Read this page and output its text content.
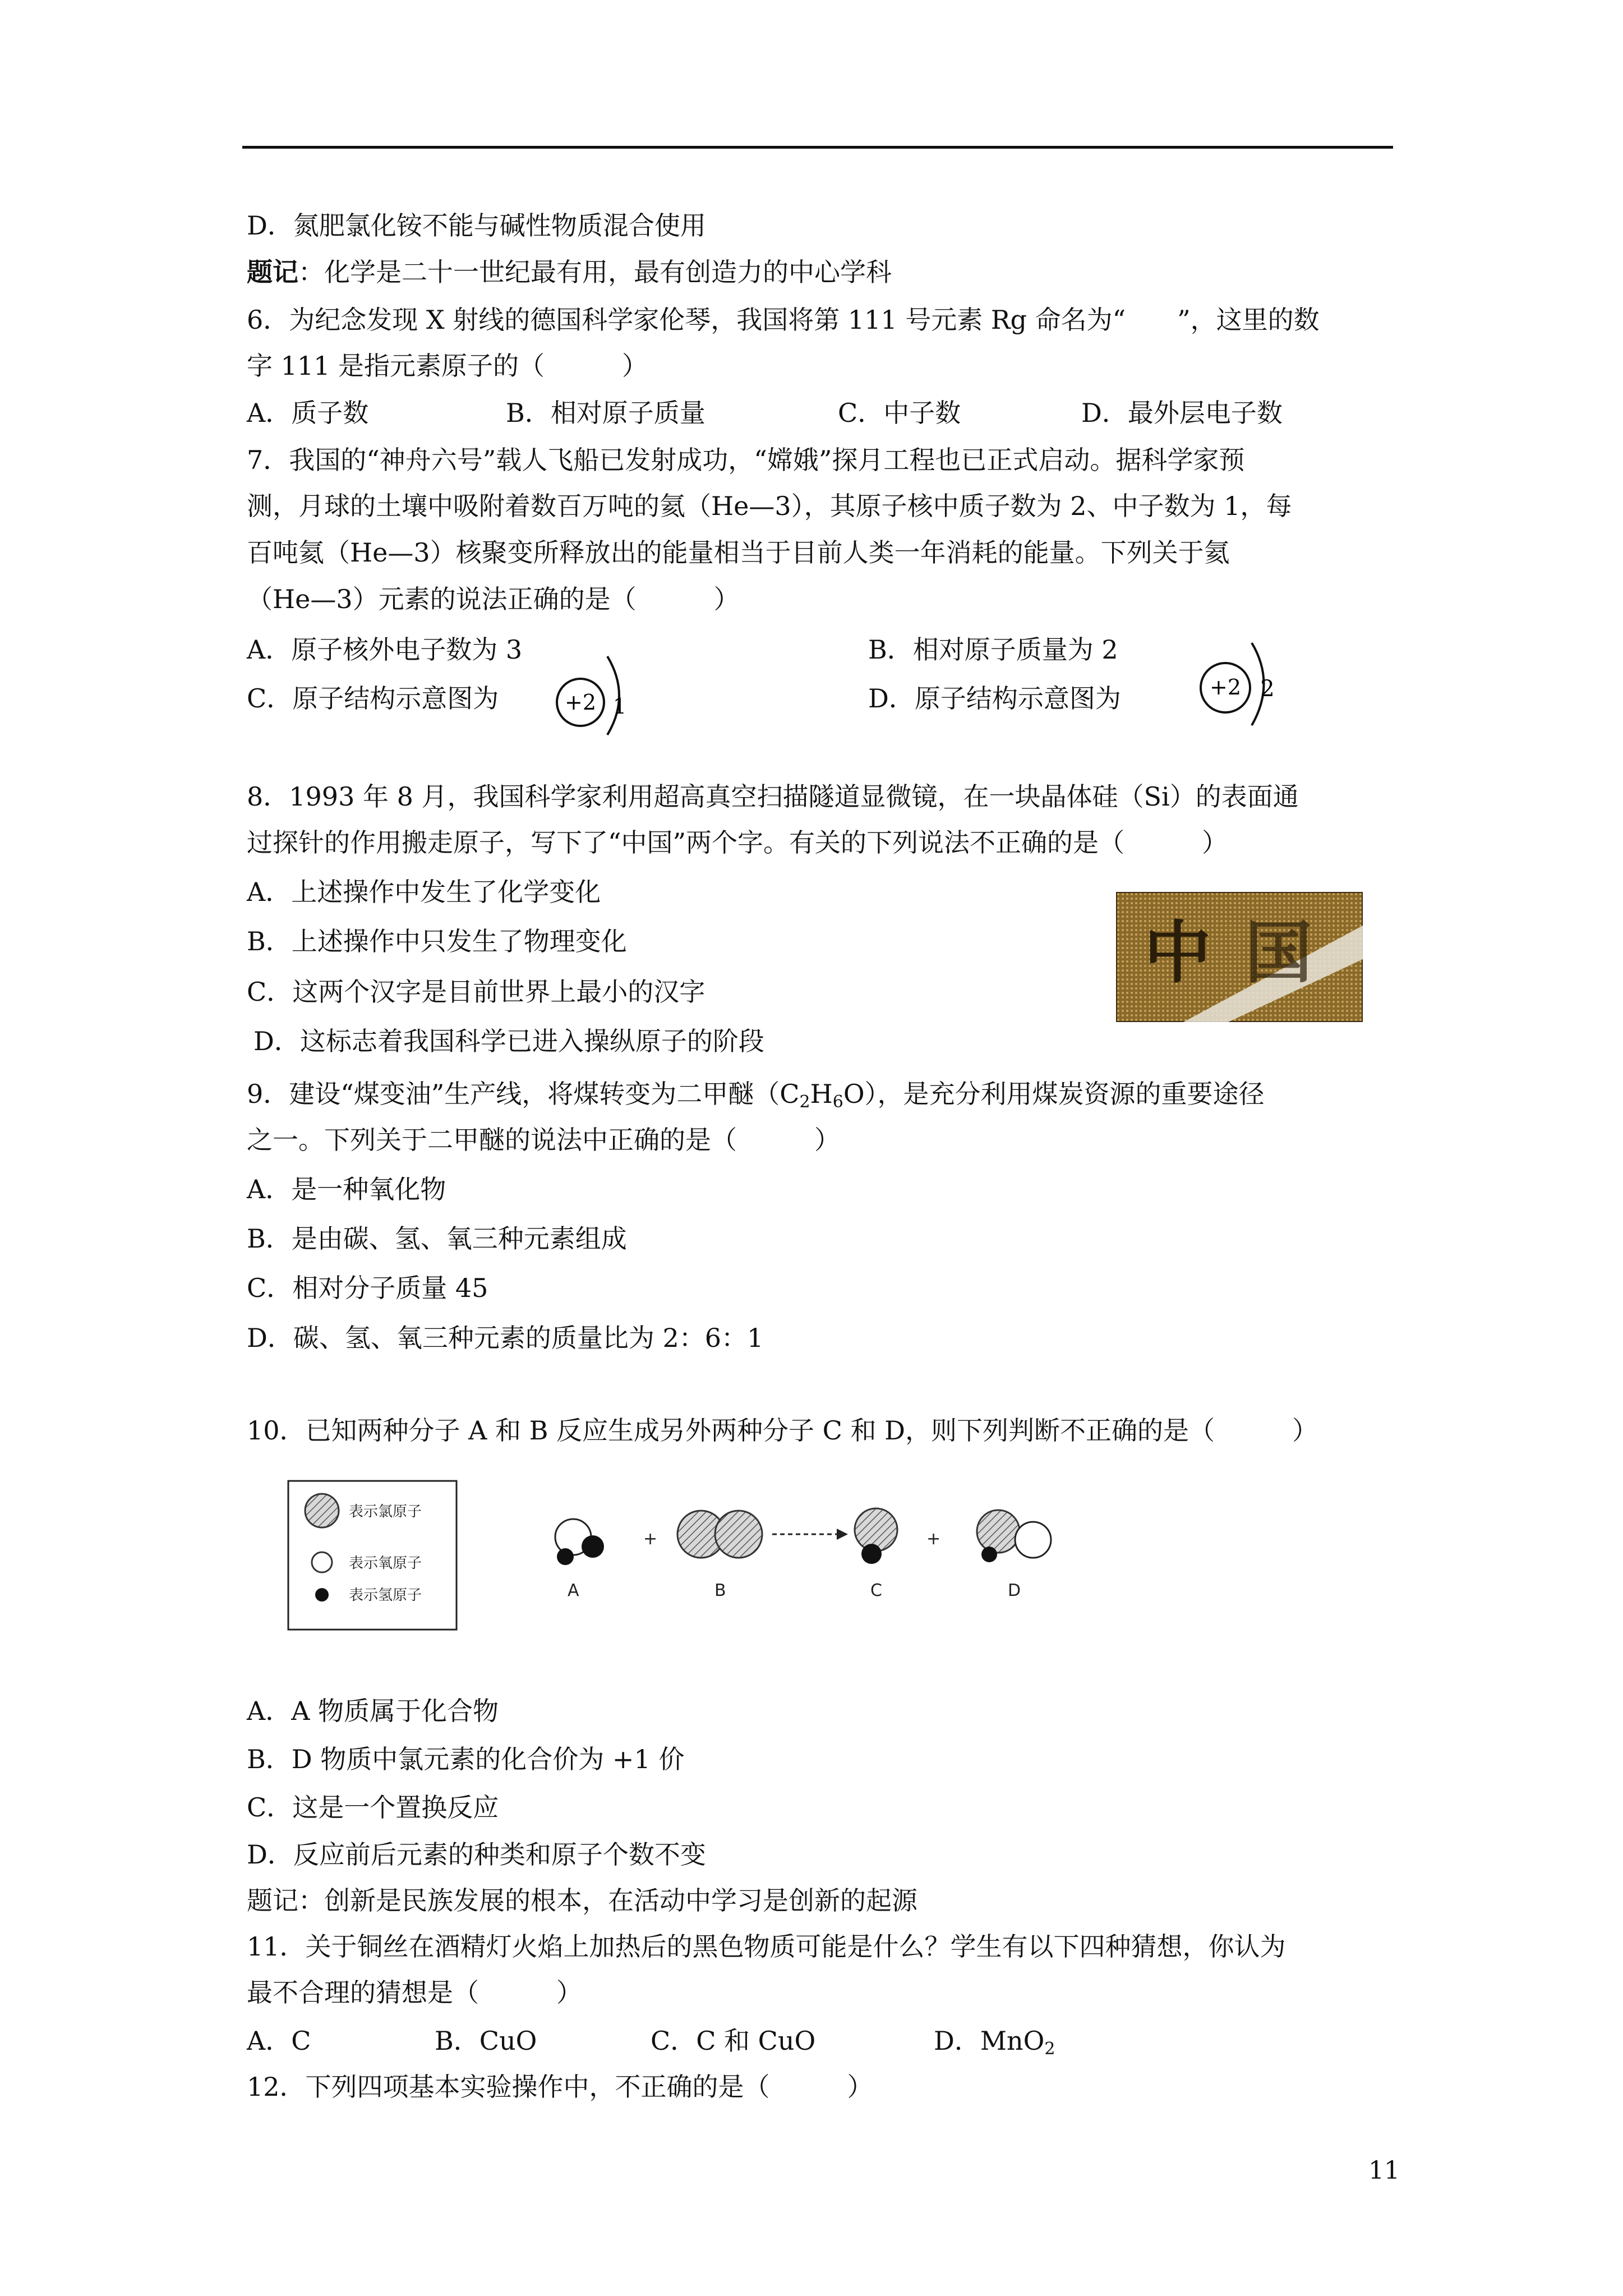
D．氮肥氯化铵不能与碱性物质混合使用
题记：化学是二十一世纪最有用，最有创造力的中心学科
6．为纪念发现 X 射线的德国科学家伦琴，我国将第 111 号元素 Rg 命名为“　　”，这里的数
字 111 是指元素原子的（　　　）
A．质子数	B．相对原子质量	C．中子数	D．最外层电子数
7．我国的“神舟六号”载人飞船已发射成功，“嫦娥”探月工程也已正式启动。据科学家预
测，月球的土壤中吸附着数百万吨的氦（He—3），其原子核中质子数为 2、中子数为 1，每
百吨氦（He—3）核聚变所释放出的能量相当于目前人类一年消耗的能量。下列关于氦
（He—3）元素的说法正确的是（　　　）
A．原子核外电子数为 3	B．相对原子质量为 2
C．原子结构示意图为	D．原子结构示意图为
+2 1
+2 2
8．1993 年 8 月，我国科学家利用超高真空扫描隧道显微镜，在一块晶体硅（Si）的表面通
过探针的作用搬走原子，写下了“中国”两个字。有关的下列说法不正确的是（　　　）
A．上述操作中发生了化学变化
B．上述操作中只发生了物理变化
C．这两个汉字是目前世界上最小的汉字
D．这标志着我国科学已进入操纵原子的阶段
中 国
9．建设“煤变油”生产线，将煤转变为二甲醚$(C_2H_6O)$，是充分利用煤炭资源的重要途径
之一。下列关于二甲醚的说法中正确的是（　　　）
A．是一种氧化物
B．是由碳、氢、氧三种元素组成
C．相对分子质量 45
D．碳、氢、氧三种元素的质量比为 2：6：1
10．已知两种分子 A 和 B 反应生成另外两种分子 C 和 D，则下列判断不正确的是（　　　）
表示氯原子
表示氧原子
表示氢原子	A
+
B	C
+
D
A．A 物质属于化合物
B．D 物质中氯元素的化合价为 +1 价
C．这是一个置换反应
D．反应前后元素的种类和原子个数不变
题记：创新是民族发展的根本，在活动中学习是创新的起源
11．关于铜丝在酒精灯火焰上加热后的黑色物质可能是什么？学生有以下四种猜想，你认为
最不合理的猜想是（　　　）
A．C	B．CuO	C．C 和 CuO	D．MnO$_2$
12．下列四项基本实验操作中，不正确的是（　　　）
11
